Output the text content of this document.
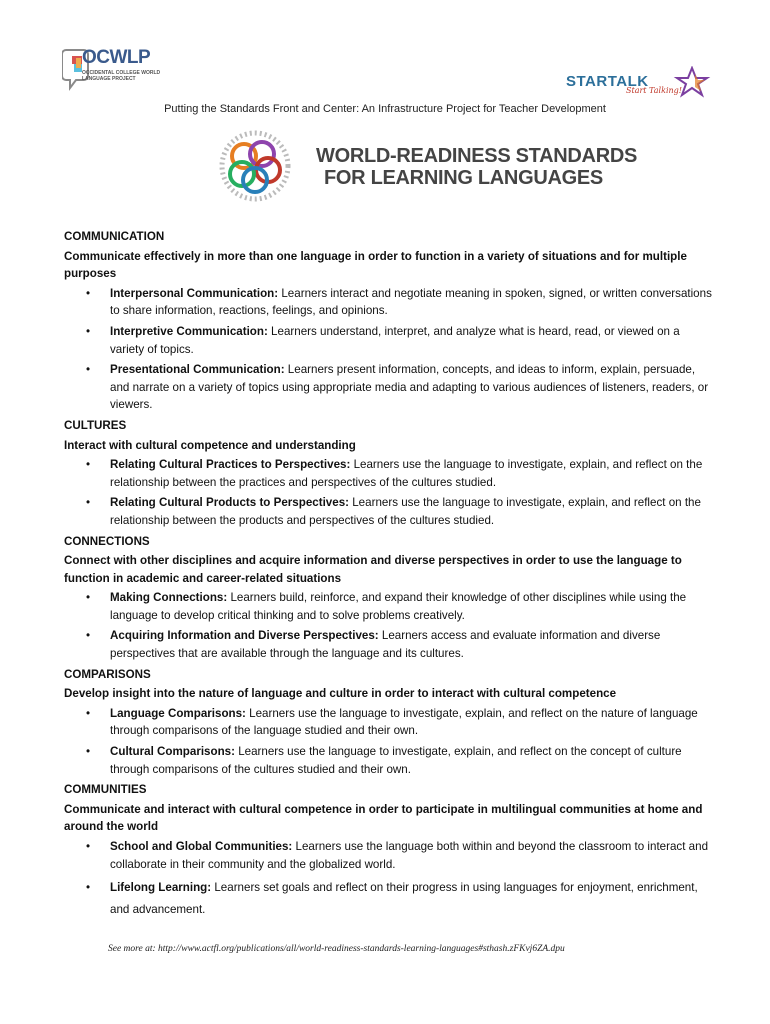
OCWLP
OCCIDENTAL COLLEGE WORLD LANGUAGE PROJECT	STARTALK
Start Talking!
Putting the Standards Front and Center: An Infrastructure Project for Teacher Development
WORLD-READINESS STANDARDS
FOR LEARNING LANGUAGES
COMMUNICATION
Communicate effectively in more than one language in order to function in a variety of situations and for multiple purposes
• Interpersonal Communication: Learners interact and negotiate meaning in spoken, signed, or written conversations to share information, reactions, feelings, and opinions.
• Interpretive Communication: Learners understand, interpret, and analyze what is heard, read, or viewed on a variety of topics.
• Presentational Communication: Learners present information, concepts, and ideas to inform, explain, persuade, and narrate on a variety of topics using appropriate media and adapting to various audiences of listeners, readers, or viewers.
CULTURES
Interact with cultural competence and understanding
• Relating Cultural Practices to Perspectives: Learners use the language to investigate, explain, and reflect on the relationship between the practices and perspectives of the cultures studied.
• Relating Cultural Products to Perspectives: Learners use the language to investigate, explain, and reflect on the relationship between the products and perspectives of the cultures studied.
CONNECTIONS
Connect with other disciplines and acquire information and diverse perspectives in order to use the language to function in academic and career-related situations
• Making Connections: Learners build, reinforce, and expand their knowledge of other disciplines while using the language to develop critical thinking and to solve problems creatively.
• Acquiring Information and Diverse Perspectives: Learners access and evaluate information and diverse perspectives that are available through the language and its cultures.
COMPARISONS
Develop insight into the nature of language and culture in order to interact with cultural competence
• Language Comparisons: Learners use the language to investigate, explain, and reflect on the nature of language through comparisons of the language studied and their own.
• Cultural Comparisons: Learners use the language to investigate, explain, and reflect on the concept of culture through comparisons of the cultures studied and their own.
COMMUNITIES
Communicate and interact with cultural competence in order to participate in multilingual communities at home and around the world
• School and Global Communities: Learners use the language both within and beyond the classroom to interact and collaborate in their community and the globalized world.
• Lifelong Learning: Learners set goals and reflect on their progress in using languages for enjoyment, enrichment, and advancement.
See more at: http://www.actfl.org/publications/all/world-readiness-standards-learning-languages#sthash.zFKvj6ZA.dpu
